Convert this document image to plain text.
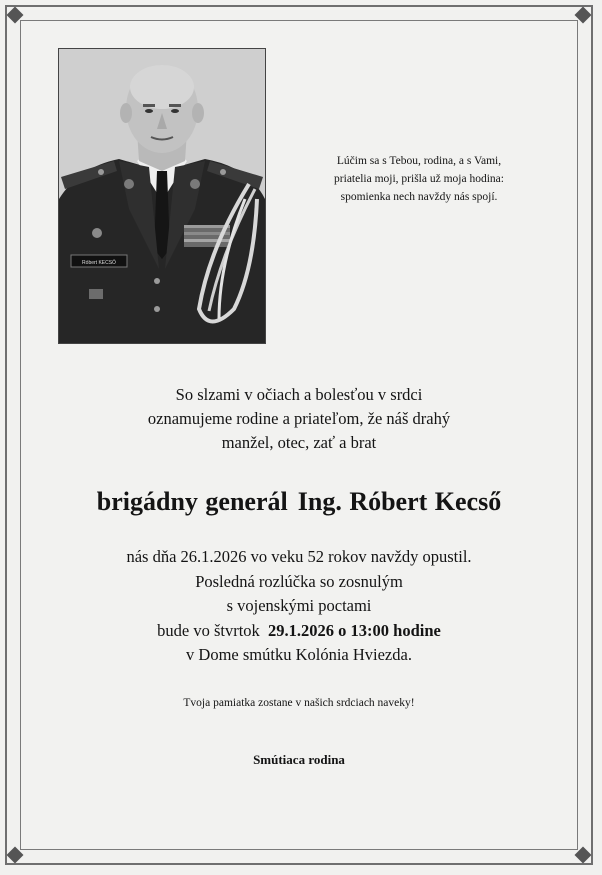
Róbert KECSŐ
Lúčim sa s Tebou, rodina, a s Vami,
priatelia moji, prišla už moja hodina:
spomienka nech navždy nás spojí.
So slzami v očiach a bolesťou v srdci
oznamujeme rodine a priateľom, že náš drahý
manžel, otec, zať a brat
brigádny generál Ing. Róbert Kecső
nás dňa 26.1.2026 vo veku 52 rokov navždy opustil.
Posledná rozlúčka so zosnulým
s vojenskými poctami
bude vo štvrtok 29.1.2026 o 13:00 hodine
v Dome smútku Kolónia Hviezda.
Tvoja pamiatka zostane v našich srdciach naveky!
Smútiaca rodina
